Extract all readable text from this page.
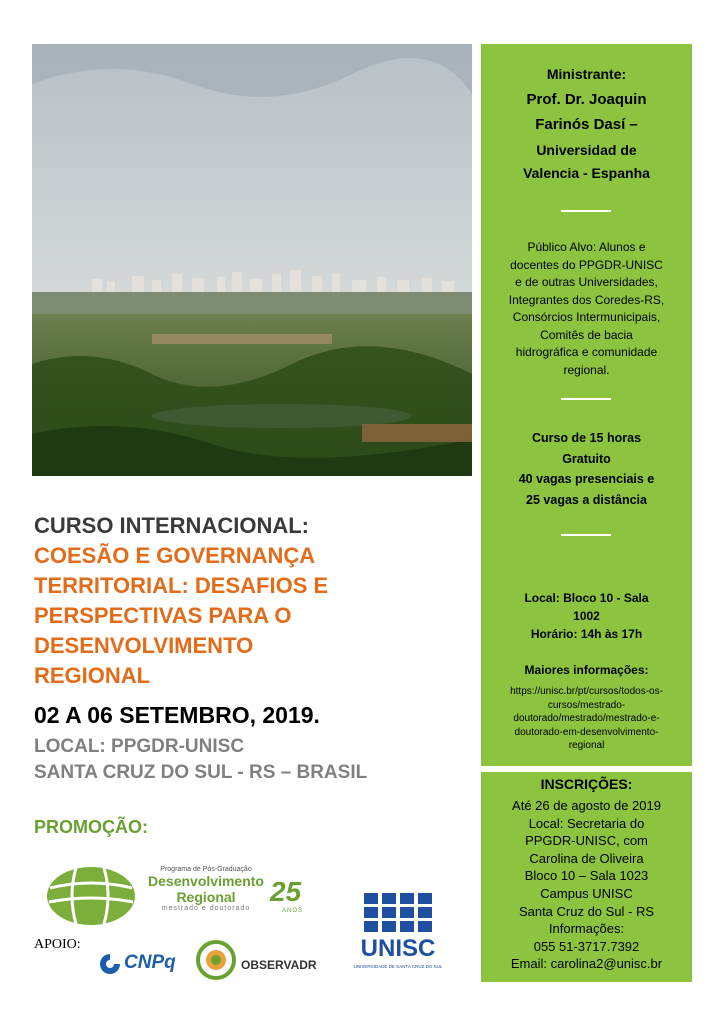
Ministrante:
Prof. Dr. Joaquin
Farinós Dasí –
Universidad de
Valencia - Espanha
Público Alvo: Alunos e
docentes do PPGDR-UNISC
e de outras Universidades,
Integrantes dos Coredes-RS,
Consórcios Intermunicipais,
Comitês de bacia
hidrográfica e comunidade
regional.
Curso de 15 horas
Gratuito
40 vagas presenciais e
25 vagas a distância
Local: Bloco 10 - Sala
1002
Horário: 14h às 17h
Maiores informações:
https://unisc.br/pt/cursos/todos-os-
cursos/mestrado-
doutorado/mestrado/mestrado-e-
doutorado-em-desenvolvimento-
regional
INSCRIÇÕES:
Até 26 de agosto de 2019
Local: Secretaria do
PPGDR-UNISC, com
Carolina de Oliveira
Bloco 10 – Sala 1023
Campus UNISC
Santa Cruz do Sul - RS
Informações:
055 51-3717.7392
Email: carolina2@unisc.br
CURSO INTERNACIONAL:
COESÃO E GOVERNANÇA
TERRITORIAL: DESAFIOS E
PERSPECTIVAS PARA O
DESENVOLVIMENTO
REGIONAL
02 A 06 SETEMBRO, 2019.
LOCAL: PPGDR-UNISC
SANTA CRUZ DO SUL - RS – BRASIL
PROMOÇÃO:
APOIO:
Programa de Pós-Graduação
Desenvolvimento
Regional
mestrado e doutorado
25
ANOS
CNPq	OBSERVADR
UNISC
UNIVERSIDADE DE SANTA CRUZ DO SUL
